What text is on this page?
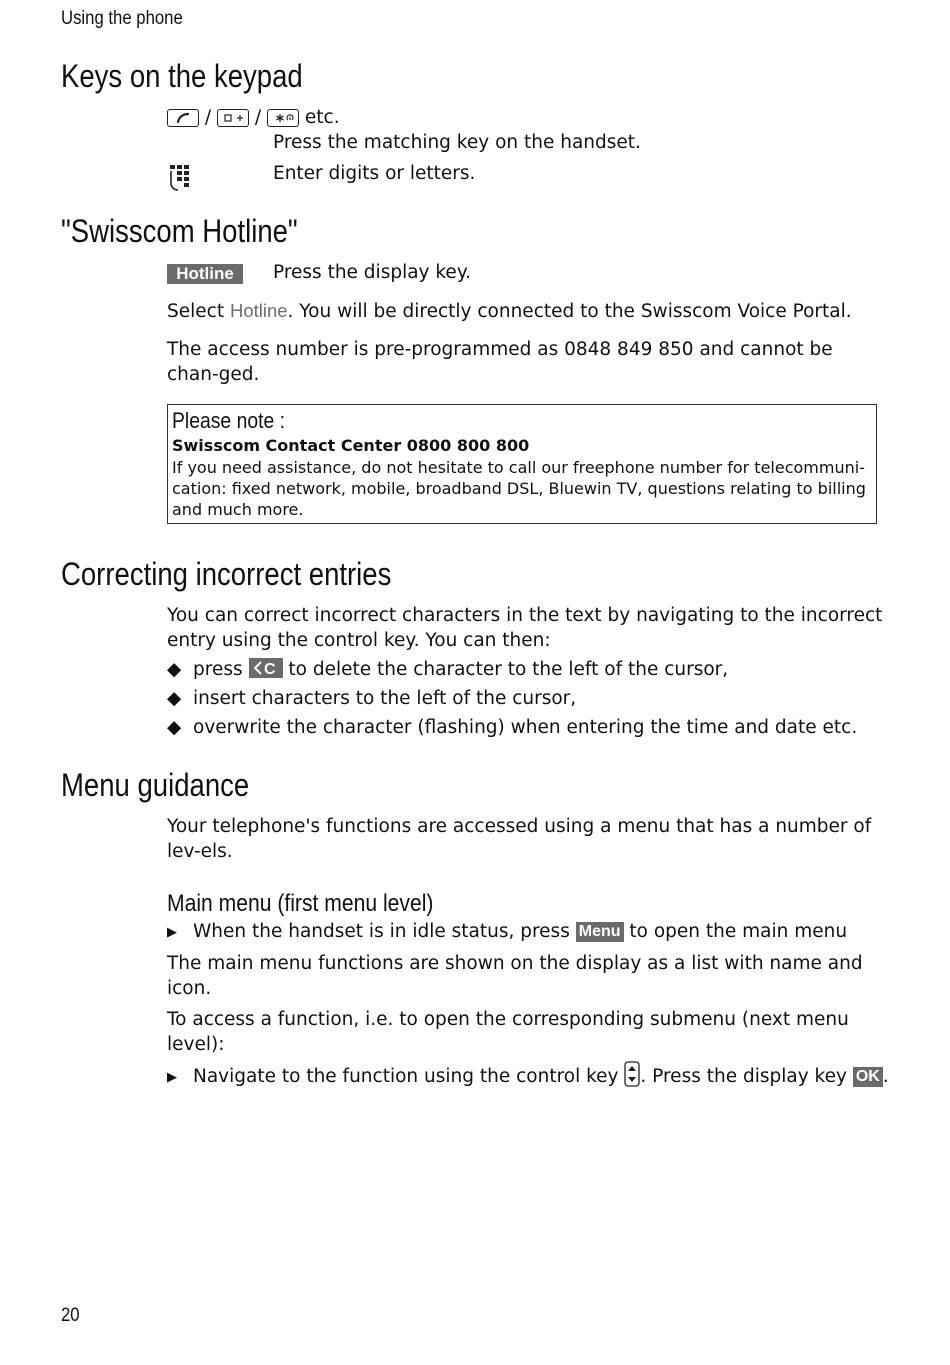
Using the phone
Keys on the keypad
/ / etc.
Press the matching key on the handset.
Enter digits or letters.
"Swisscom Hotline"
Hotline	Press the display key.

Select Hotline. You will be directly connected to the Swisscom Voice Portal.

The access number is pre-programmed as 0848 849 850 and cannot be chan-ged.

Please note :
Swisscom Contact Center 0800 800 800
If you need assistance, do not hesitate to call our freephone number for telecommuni-cation: fixed network, mobile, broadband DSL, Bluewin TV, questions relating to billing and much more.
Correcting incorrect entries

You can correct incorrect characters in the text by navigating to the incorrect entry using the control key. You can then:

◆ press C to delete the character to the left of the cursor,
◆ insert characters to the left of the cursor,
◆ overwrite the character (flashing) when entering the time and date etc.
Menu guidance

Your telephone's functions are accessed using a menu that has a number of lev-els.

Main menu (first menu level)
▶ When the handset is in idle status, press Menu to open the main menu

The main menu functions are shown on the display as a list with name and icon.

To access a function, i.e. to open the corresponding submenu (next menu level):

▶ Navigate to the function using the control key . Press the display key OK .
20
